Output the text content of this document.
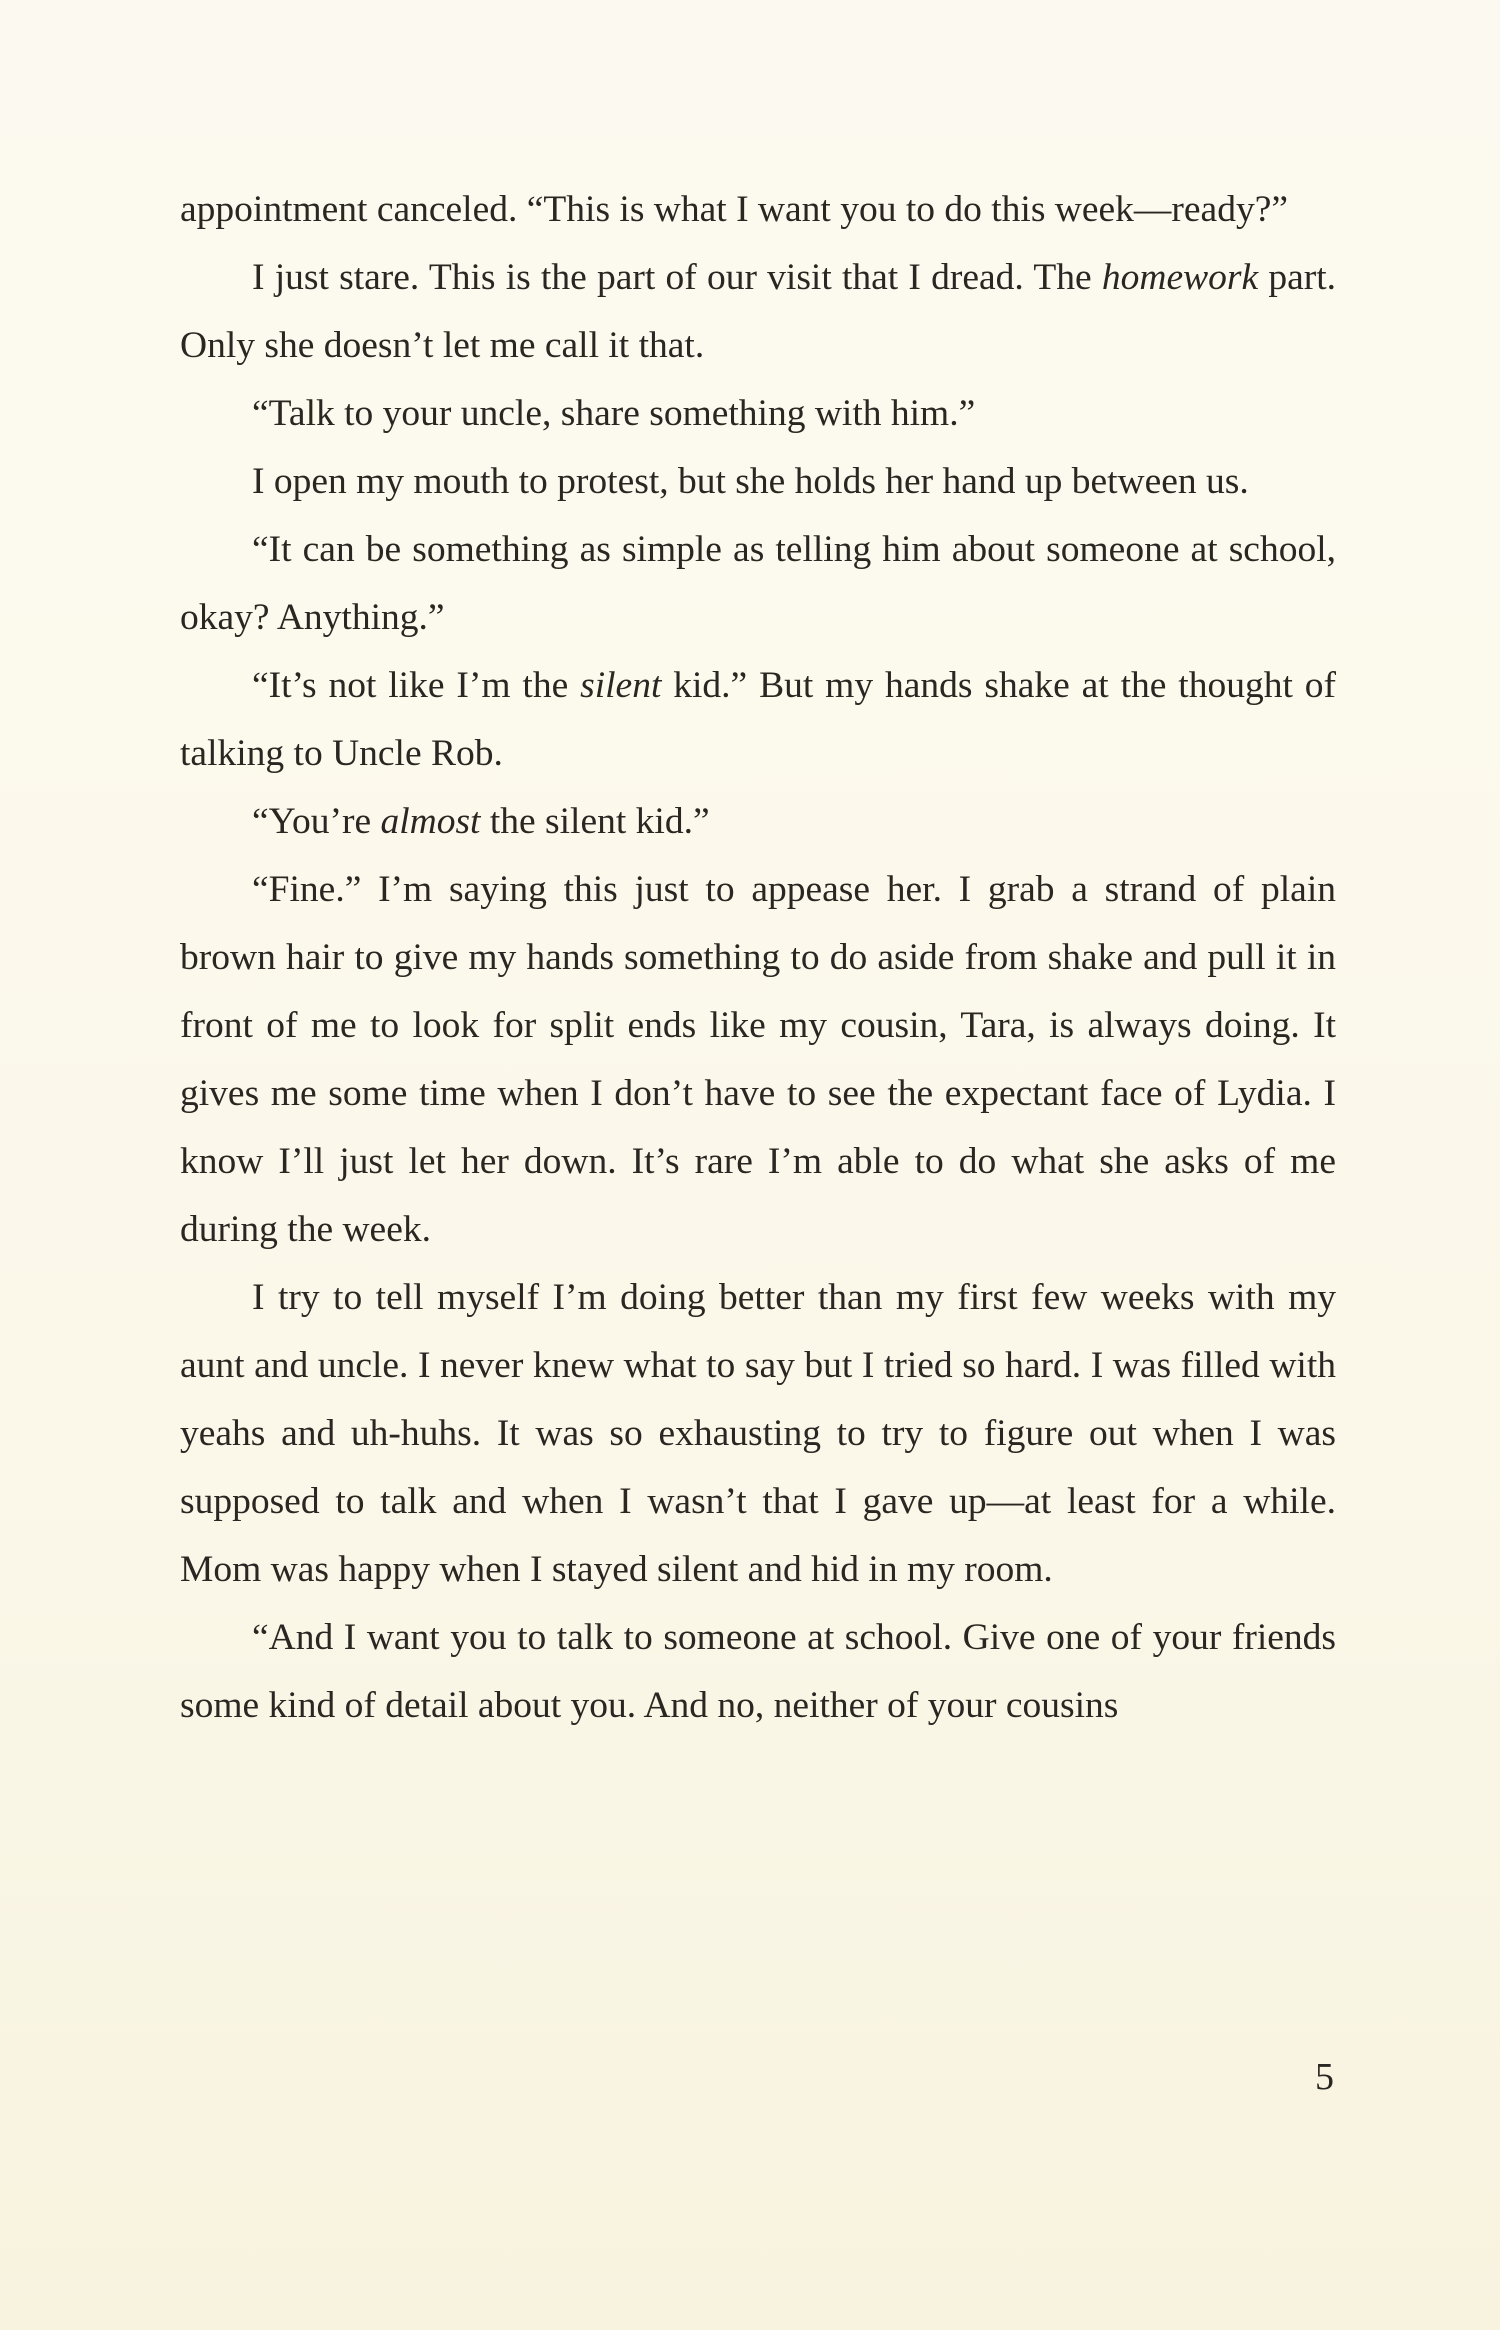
appointment canceled. “This is what I want you to do this week—ready?”

I just stare. This is the part of our visit that I dread. The homework part. Only she doesn’t let me call it that.

“Talk to your uncle, share something with him.”

I open my mouth to protest, but she holds her hand up between us.

“It can be something as simple as telling him about someone at school, okay? Anything.”

“It’s not like I’m the silent kid.” But my hands shake at the thought of talking to Uncle Rob.

“You’re almost the silent kid.”

“Fine.” I’m saying this just to appease her. I grab a strand of plain brown hair to give my hands something to do aside from shake and pull it in front of me to look for split ends like my cousin, Tara, is always doing. It gives me some time when I don’t have to see the expectant face of Lydia. I know I’ll just let her down. It’s rare I’m able to do what she asks of me during the week.

I try to tell myself I’m doing better than my first few weeks with my aunt and uncle. I never knew what to say but I tried so hard. I was filled with yeahs and uh-huhs. It was so exhausting to try to figure out when I was supposed to talk and when I wasn’t that I gave up—at least for a while. Mom was happy when I stayed silent and hid in my room.

“And I want you to talk to someone at school. Give one of your friends some kind of detail about you. And no, neither of your cousins

5
